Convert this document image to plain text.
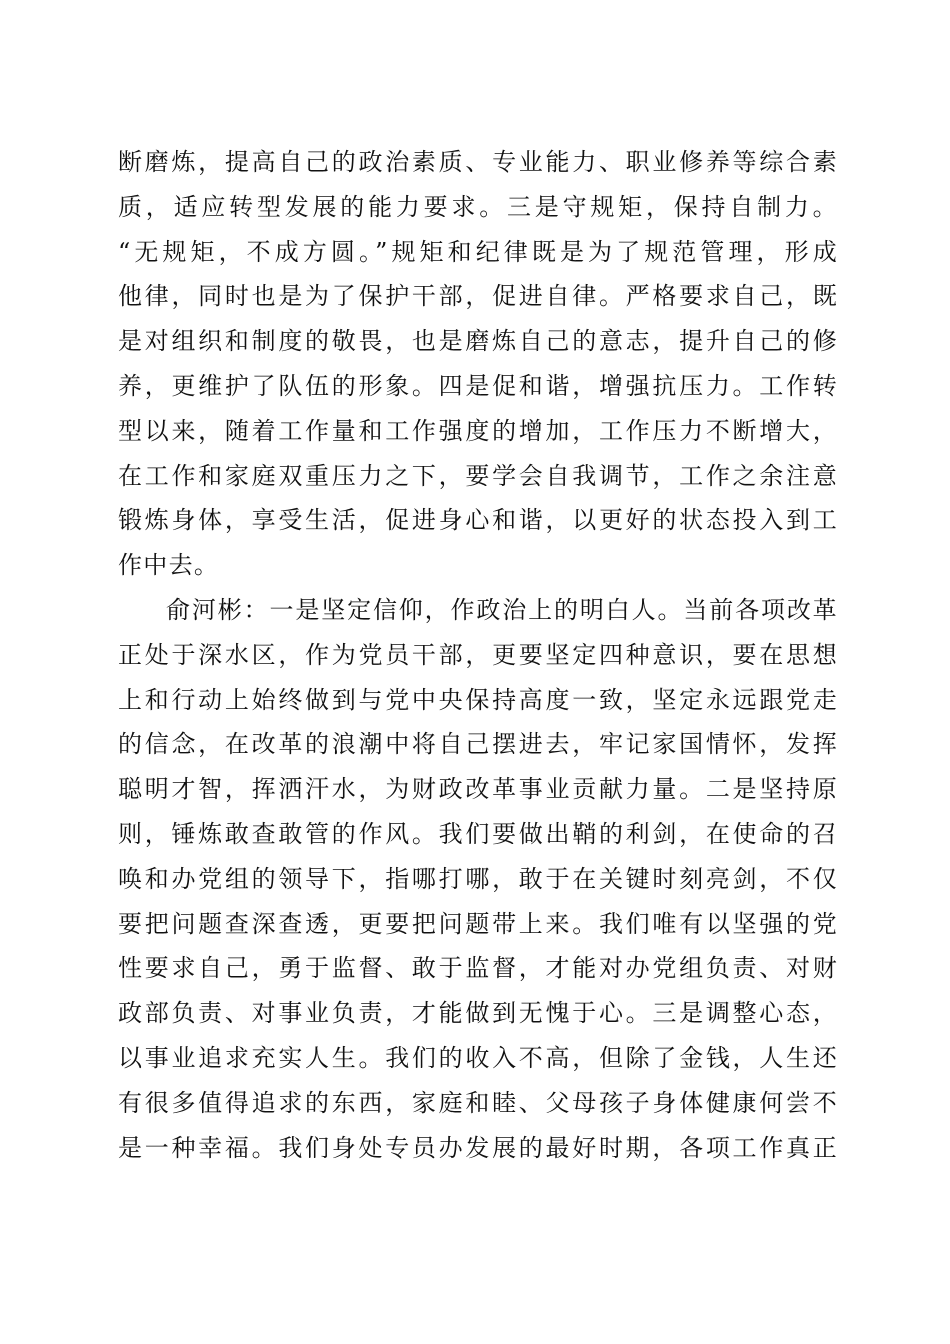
断磨炼，提高自己的政治素质、专业能力、职业修养等综合素
质，适应转型发展的能力要求。三是守规矩，保持自制力。
“无规矩，不成方圆。”规矩和纪律既是为了规范管理，形成
他律，同时也是为了保护干部，促进自律。严格要求自己，既
是对组织和制度的敬畏，也是磨炼自己的意志，提升自己的修
养，更维护了队伍的形象。四是促和谐，增强抗压力。工作转
型以来，随着工作量和工作强度的增加，工作压力不断增大，
在工作和家庭双重压力之下，要学会自我调节，工作之余注意
锻炼身体，享受生活，促进身心和谐，以更好的状态投入到工
作中去。
俞河彬：一是坚定信仰，作政治上的明白人。当前各项改革
正处于深水区，作为党员干部，更要坚定四种意识，要在思想
上和行动上始终做到与党中央保持高度一致，坚定永远跟党走
的信念，在改革的浪潮中将自己摆进去，牢记家国情怀，发挥
聪明才智，挥洒汗水，为财政改革事业贡献力量。二是坚持原
则，锤炼敢查敢管的作风。我们要做出鞘的利剑，在使命的召
唤和办党组的领导下，指哪打哪，敢于在关键时刻亮剑，不仅
要把问题查深查透，更要把问题带上来。我们唯有以坚强的党
性要求自己，勇于监督、敢于监督，才能对办党组负责、对财
政部负责、对事业负责，才能做到无愧于心。三是调整心态，
以事业追求充实人生。我们的收入不高，但除了金钱，人生还
有很多值得追求的东西，家庭和睦、父母孩子身体健康何尝不
是一种幸福。我们身处专员办发展的最好时期，各项工作真正
